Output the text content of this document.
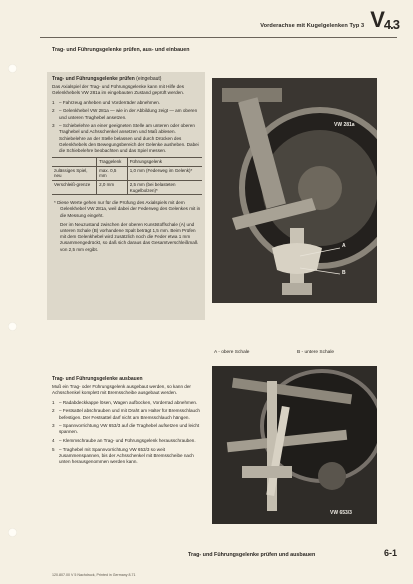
Vorderachse mit Kugelgelenken Typ 3 $V_{4.3}$
Trag- und Führungsgelenke prüfen, aus- und einbauen
Trag- und Führungsgelenke prüfen (eingebaut)

Das Axialspiel der Trag- und Führungsgelenke kann mit Hilfe des Gelenkhebels VW 281a im eingebauten Zustand geprüft werden.

1 – Fahrzeug anheben und Vorderräder abnehmen.
2 – Gelenkhebel VW 281a — wie in der Abbildung zeigt — am oberen und unteren Traghebel ansetzen.
3 – Schiebelehre an einer geeigneten Stelle am unteren oder oberen Traghebel und Achsschenkel ansetzen und Maß ablesen. Schiebelehre an der Stelle belassen und durch Drücken des Gelenkhebels den Bewegungsbereich der Gelenke ausheben. Dabei die Schiebelehre beobachten und das Spiel messen.
	Traggelenk	Führungsgelenk
zulässiges Spiel, neu	max. 0,5 mm	1,0 mm (Federweg im Gelenk)*
Verschleiß-grenze	2,0 mm	2,5 mm (bei belasteten Kugelbolzen)*

* Diese Werte gehen nur für die Prüfung des Axialspiels mit dem Gelenkhebel VW 281a, weil dabei der Federweg des Gelenkes mit in die Messung eingeht.

Der im Neuzustand zwischen der oberen Kunststoffschale (A) und unteren Schale (B) vorhandene Spalt beträgt 1,5 mm. Beim Prüfen mit dem Gelenkhebel wird zusätzlich noch die Feder etwa 1 mm zusammengedrückt, so daß sich daraus das Gesamtverschleißmaß von 2,5 mm ergibt.

Trag- und Führungsgelenke ausbauen

Muß ein Trag- oder Führungsgelenk ausgebaut werden, so kann der Achsschenkel komplett mit Bremsscheibe ausgebaut werden.

1 – Radabdeckkappe lösen, Wagen aufbocken, Vorderrad abnehmen.
2 – Festsattel abschrauben und mit Draht am Halter für Bremsschlauch befestigen. Der Festsattel darf nicht am Bremsschlauch hängen.
3 – Spannvorrichtung VW 653/3 auf die Traghebel aufsetzen und leicht spannen.
4 – Klemmschraube an Trag- und Führungsgelenk herausschrauben.
5 – Traghebel mit Spannvorrichtung VW 653/3 so weit zusammenspannen, bis der Achsschenkel mit Bremsscheibe nach unten herausgenommen werden kann.
VW 281a
A
B
A - obere Schale	B - untere Schale
VW 653/3
Trag- und Führungsgelenke prüfen und ausbauen	6-1
120.807.00 V 5 Nachdruck, Printed in Germany 8.71
